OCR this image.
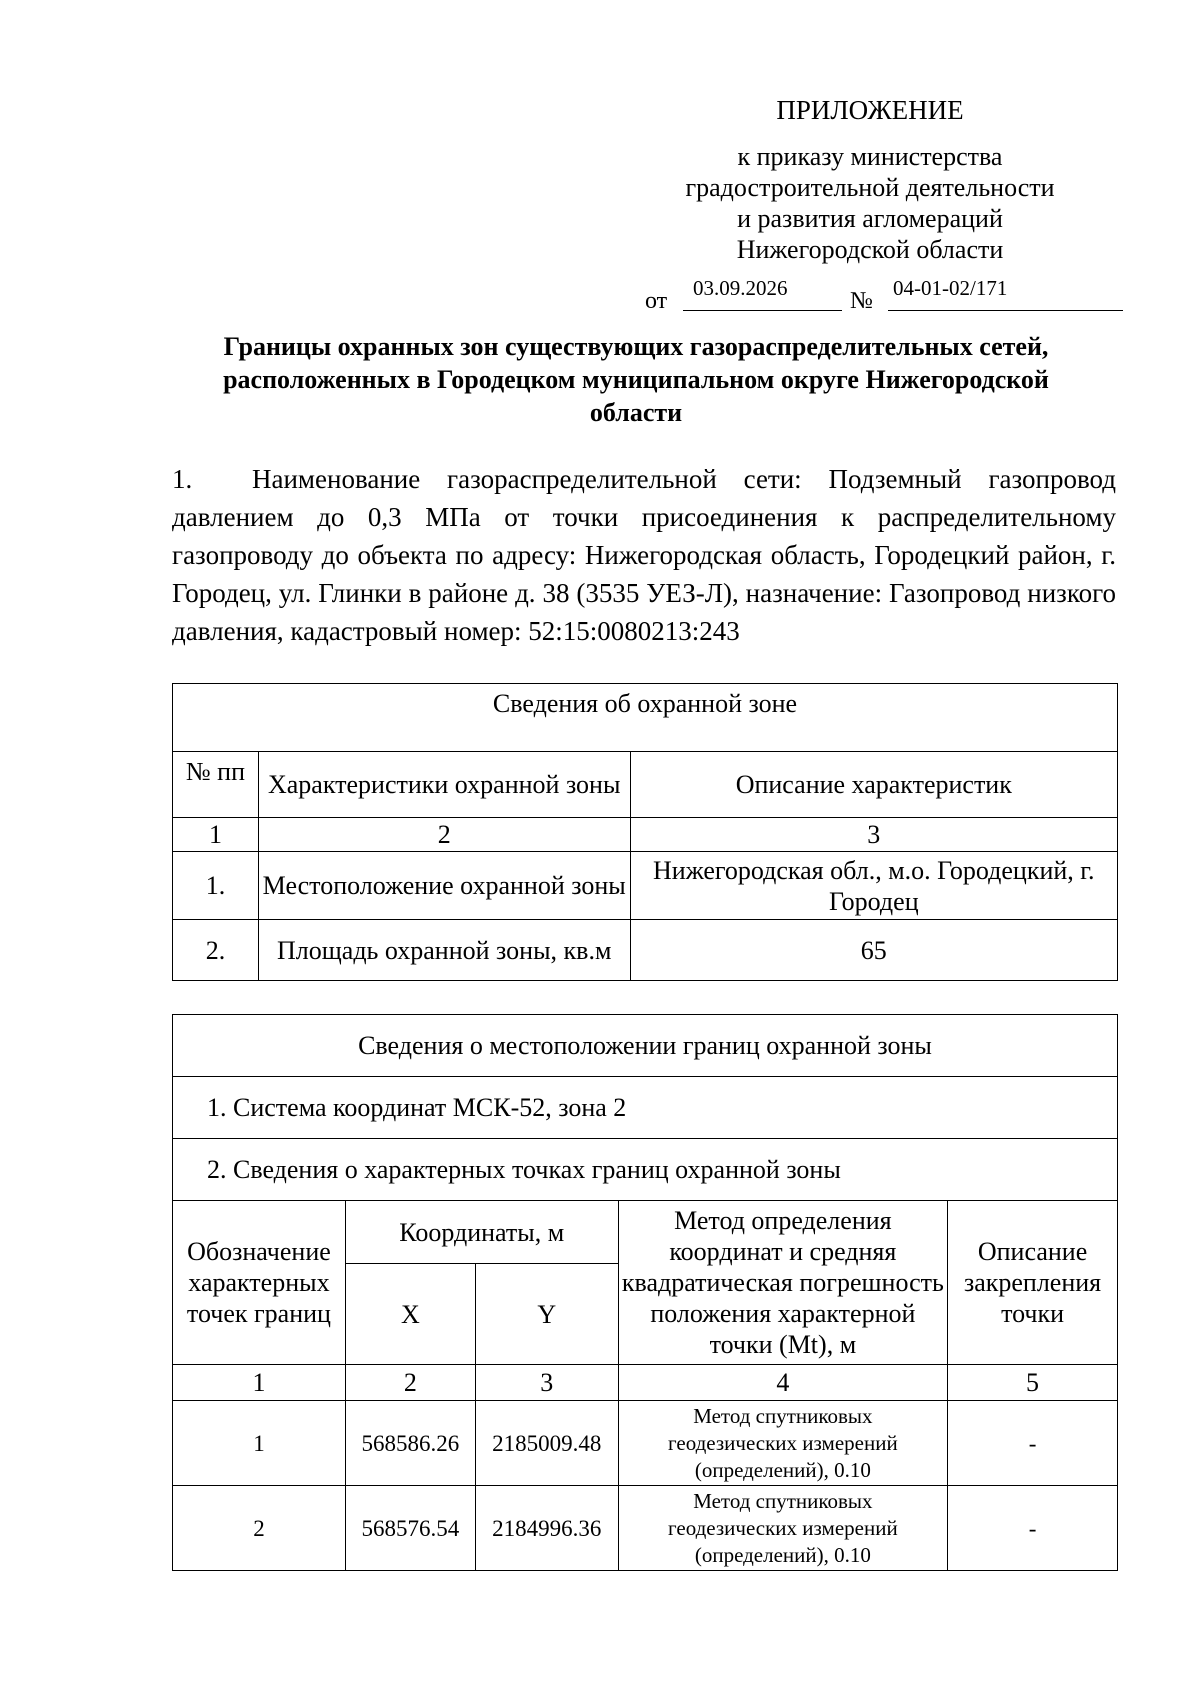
ПРИЛОЖЕНИЕ
к приказу министерства
градостроительной деятельности
и развития агломераций
Нижегородской области
от 03.09.2026	№ 04-01-02/171
Границы охранных зон существующих газораспределительных сетей,
расположенных в Городецком муниципальном округе Нижегородской
области
1. Наименование газораспределительной сети: Подземный газопровод давлением до 0,3 МПа от точки присоединения к распределительному газопроводу до объекта по адресу: Нижегородская область, Городецкий район, г. Городец, ул. Глинки в районе д. 38 (3535 УЕЗ-Л), назначение: Газопровод низкого давления, кадастровый номер: 52:15:0080213:243
Сведения об охранной зоне		
№ пп	Характеристики охранной зоны	Описание характеристик
1	2	3
1.	Местоположение охранной зоны	Нижегородская обл., м.о. Городецкий, г. Городец
2.	Площадь охранной зоны, кв.м	65
Сведения о местоположении границ охранной зоны				
1. Система координат МСК-52, зона 2				
2. Сведения о характерных точках границ охранной зоны				
Обозначение характерных точек границ	Координаты, м		Метод определения координат и средняя квадратическая погрешность положения характерной точки (Mt), м	Описание закрепления точки
	X	Y		
1	2	3	4	5
1	568586.26	2185009.48	Метод спутниковых геодезических измерений (определений), 0.10	-
2	568576.54	2184996.36	Метод спутниковых геодезических измерений (определений), 0.10	-
